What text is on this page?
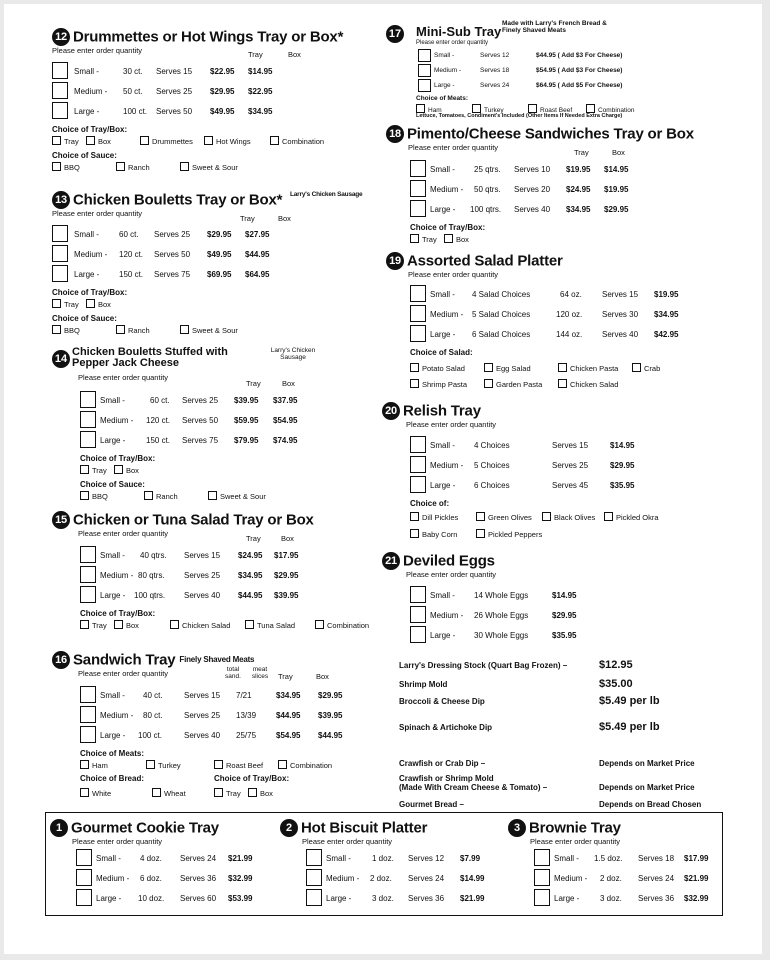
12 Drummettes or Hot Wings Tray or Box*
Please enter order quantity	Tray	Box
Small -	30 ct. Serves 15 $22.95 $14.95
Medium - 50 ct. Serves 25 $29.95 $22.95
Large -	100 ct. Serves 50 $49.95 $34.95
Choice of Tray/Box:
Tray	Box	Drummettes	Hot Wings	Combination
Choice of Sauce:
BBQ	Ranch	Sweet & Sour
13 Chicken Bouletts Tray or Box* Larry's Chicken Sausage
Please enter order quantity
Tray	Box
Small -	60 ct. Serves 25 $29.95 $27.95
Medium - 120 ct. Serves 50 $49.95 $44.95
Large - 150 ct. Serves 75 $69.95 $64.95
Choice of Tray/Box:
Tray	Box
Choice of Sauce:
BBQ	Ranch	Sweet & Sour
14
Chicken Bouletts Stuffed with
Pepper Jack Cheese
Larry's Chicken Sausage
Please enter order quantity
Tray	Box
Small -	60 ct. Serves 25 $39.95 $37.95
Medium - 120 ct. Serves 50 $59.95 $54.95
Large -	150 ct. Serves 75 $79.95 $74.95
Choice of Tray/Box:
Tray	Box
Choice of Sauce:
BBQ	Ranch	Sweet & Sour
15 Chicken or Tuna Salad Tray or Box
Please enter order quantity
Tray	Box
Small - 40 qtrs. Serves 15 $24.95 $17.95
Medium - 80 qtrs. Serves 25 $34.95 $29.95
Large - 100 qtrs. Serves 40 $44.95 $39.95
Choice of Tray/Box:
Tray	Box	Chicken Salad	Tuna Salad	Combination
16 Sandwich Tray Finely Shaved Meats
Please enter order quantity	total sand.
meat slices	Tray	Box
Small - 40 ct.	Serves 15 7/21	$34.95 $29.95
Medium - 80 ct.	Serves 25 13/39 $44.95 $39.95
Large - 100 ct.	Serves 40 25/75 $54.95 $44.95
Choice of Meats:
Ham	Turkey	Roast Beef	Combination
Choice of Bread:	Choice of Tray/Box:
White	Wheat	Tray	Box
17 Mini-Sub Tray
Made with Larry's French Bread & Finely Shaved Meats
Please enter order quantity
Small -	Serves 12	$44.95 ( Add $3 For Cheese)
Medium -	Serves 18	$54.95 ( Add $3 For Cheese)
Large -	Serves 24	$64.95 ( Add $5 For Cheese)
Choice of Meats:
Ham	Turkey	Roast Beef	Combination
Lettuce, Tomatoes, Condiment's Included (Other Items If Needed Extra Charge)
18 Pimento/Cheese Sandwiches Tray or Box
Please enter order quantity
Tray	Box
Small - 25 qtrs. Serves 10 $19.95 $14.95
Medium - 50 qtrs. Serves 20 $24.95 $19.95
Large - 100 qtrs. Serves 40 $34.95 $29.95
Choice of Tray/Box:
Tray	Box
19 Assorted Salad Platter
Please enter order quantity
Small - 4 Salad Choices	64 oz.	Serves 15 $19.95
Medium - 5 Salad Choices	120 oz. Serves 30 $34.95
Large - 6 Salad Choices	144 oz. Serves 40 $42.95
Choice of Salad:
Potato Salad	Egg Salad	Chicken Pasta	Crab
Shrimp Pasta	Garden Pasta	Chicken Salad
20 Relish Tray
Please enter order quantity
Small - 4 Choices	Serves 15	$14.95
Medium - 5 Choices	Serves 25	$29.95
Large - 6 Choices	Serves 45	$35.95
Choice of:
Dill Pickles	Green Olives	Black Olives	Pickled Okra
Baby Corn	Pickled Peppers
21 Deviled Eggs
Please enter order quantity
Small - 14 Whole Eggs	$14.95
Medium - 26 Whole Eggs	$29.95
Large - 30 Whole Eggs	$35.95
Larry's Dressing Stock (Quart Bag Frozen) –	$12.95
Shrimp Mold	$35.00
Broccoli & Cheese Dip	$5.49 per lb
Spinach & Artichoke Dip	$5.49 per lb
Crawfish or Crab Dip –	Depends on Market Price
Crawfish or Shrimp Mold
(Made With Cream Cheese & Tomato) –	Depends on Market Price
Gourmet Bread –	Depends on Bread Chosen
1 Gourmet Cookie Tray
Please enter order quantity
Small - 4 doz. Serves 24 $21.99
Medium - 6 doz. Serves 36 $32.99
Large - 10 doz. Serves 60 $53.99
2 Hot Biscuit Platter
Please enter order quantity
Small -	1 doz. Serves 12 $7.99
Medium - 2 doz. Serves 24 $14.99
Large -	3 doz. Serves 36 $21.99
3 Brownie Tray
Please enter order quantity
Small - 1.5 doz. Serves 18 $17.99
Medium - 2 doz. Serves 24 $21.99
Large -	3 doz. Serves 36 $32.99
